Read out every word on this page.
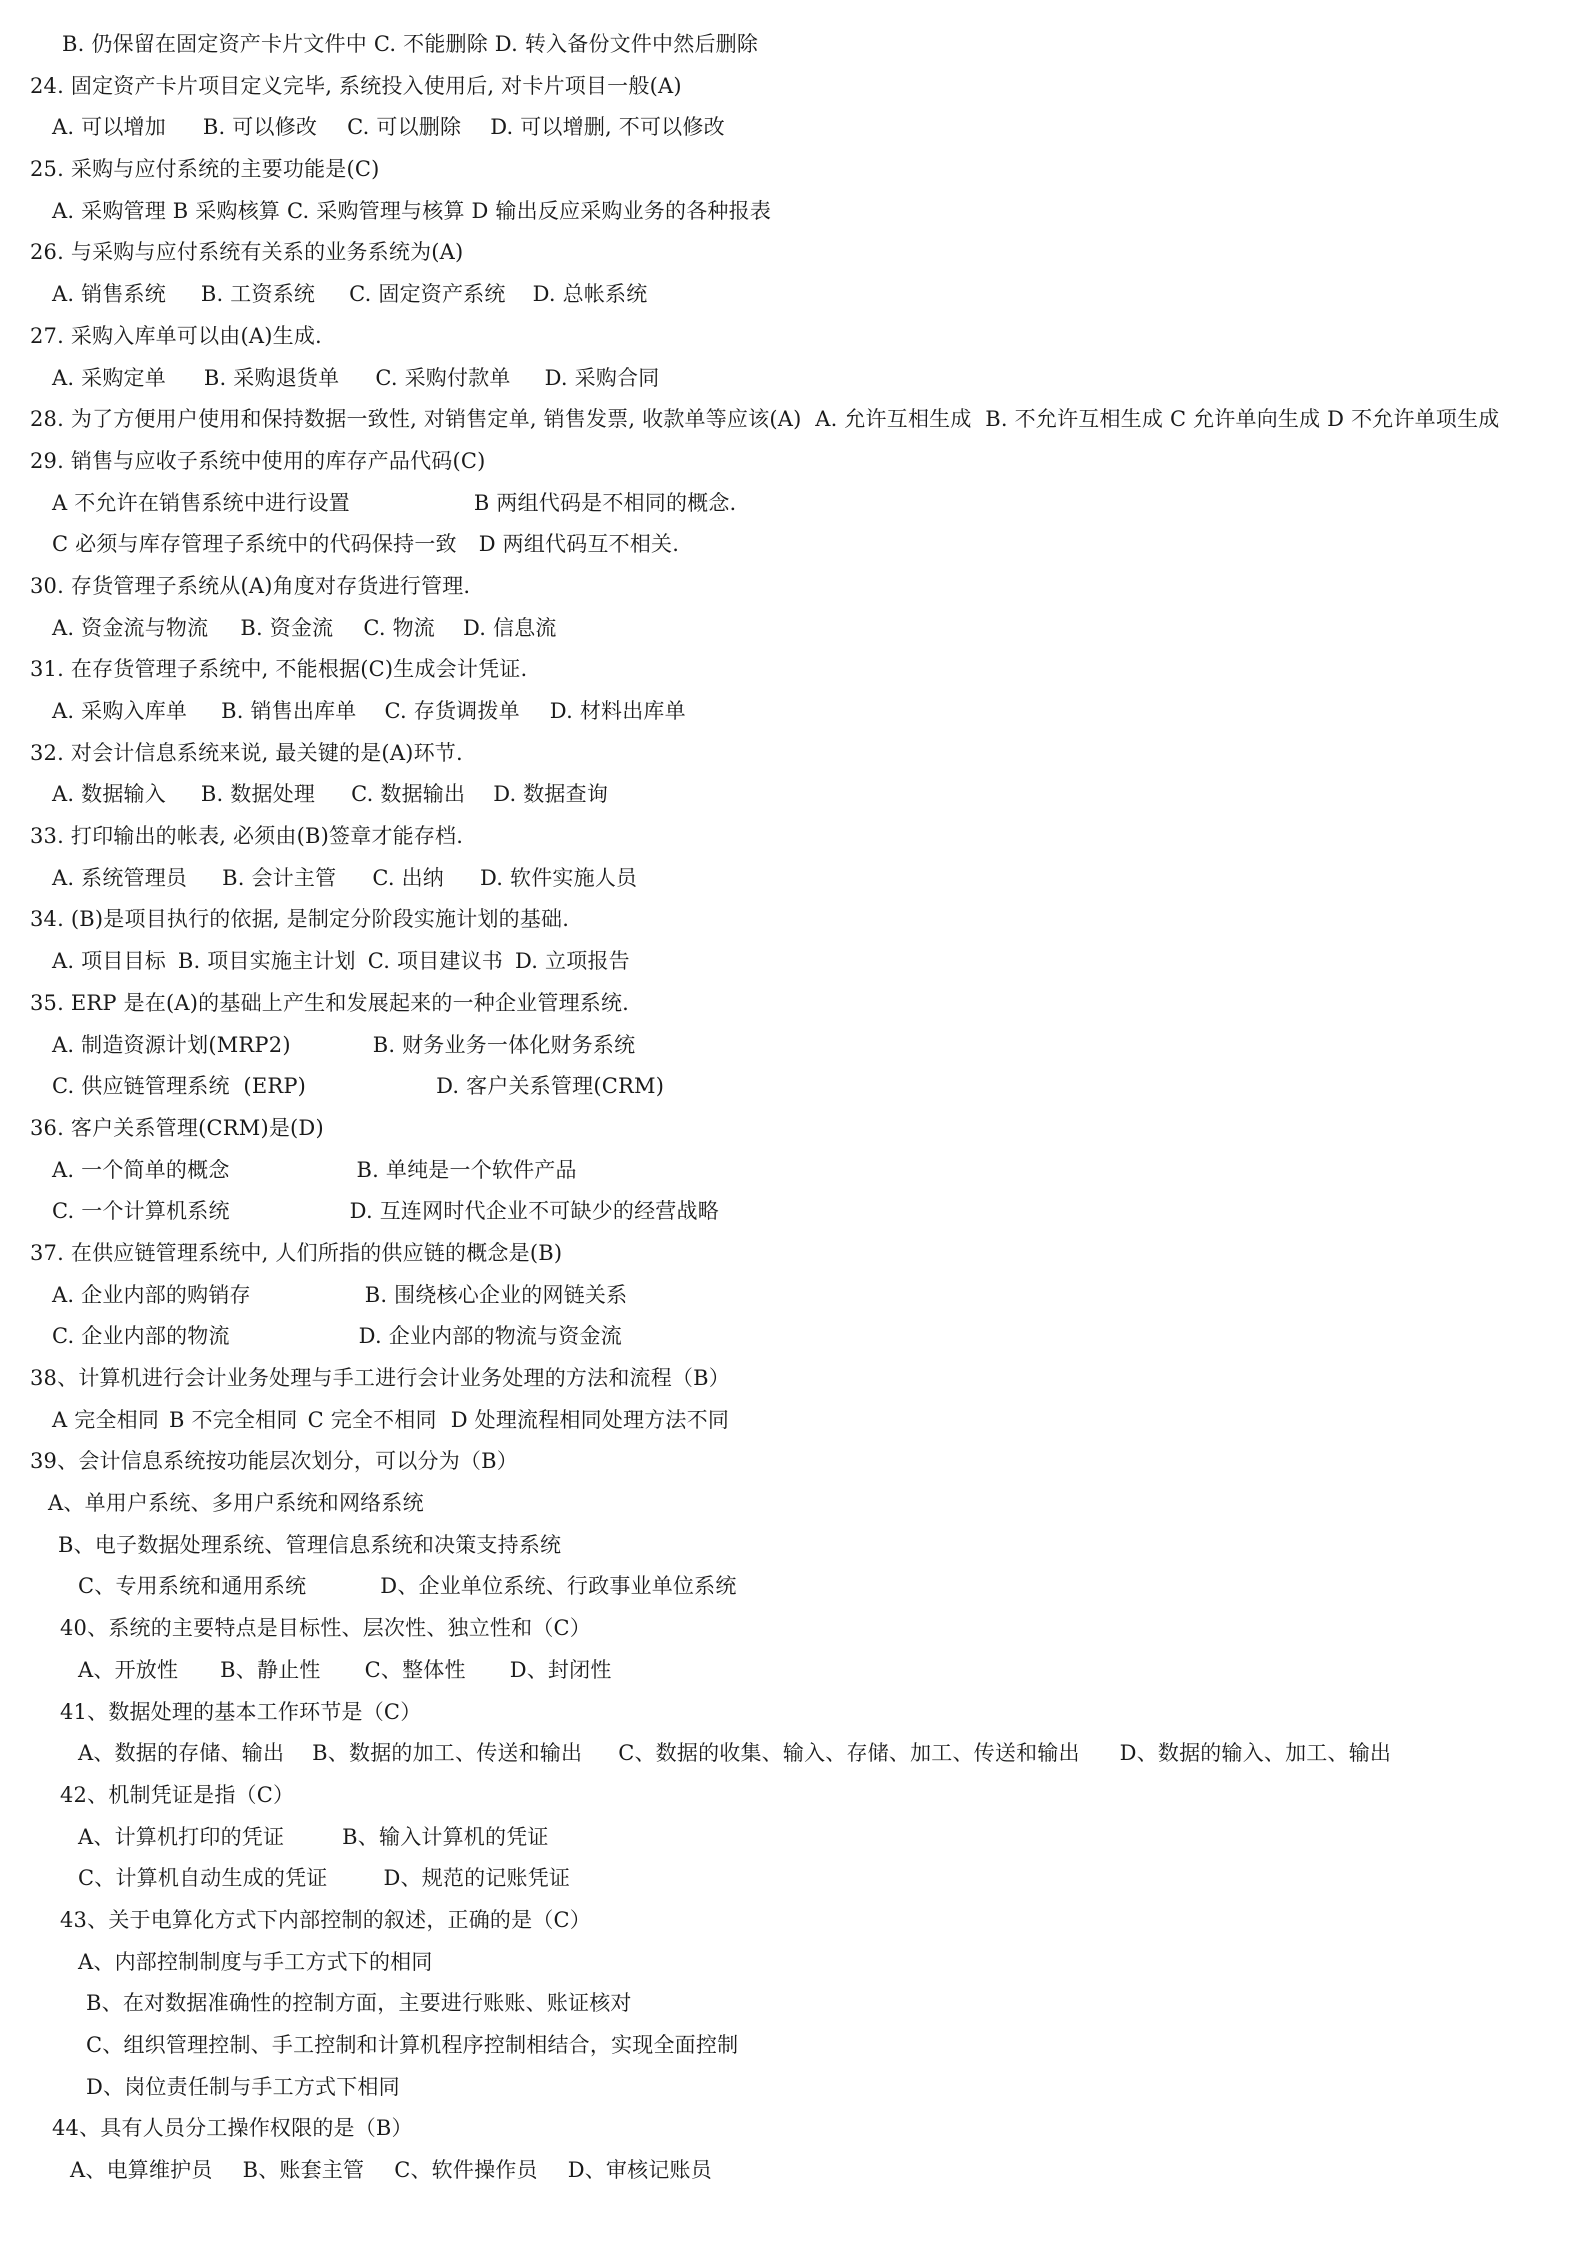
B. 仍保留在固定资产卡片文件中 C. 不能删除 D. 转入备份文件中然后删除
24. 固定资产卡片项目定义完毕, 系统投入使用后, 对卡片项目一般(A)
A. 可以增加 B. 可以修改 C. 可以删除 D. 可以增删, 不可以修改
25. 采购与应付系统的主要功能是(C)
A. 采购管理 B 采购核算 C. 采购管理与核算 D 输出反应采购业务的各种报表
26. 与采购与应付系统有关系的业务系统为(A)
A. 销售系统 B. 工资系统 C. 固定资产系统 D. 总帐系统
27. 采购入库单可以由(A)生成.
A. 采购定单 B. 采购退货单 C. 采购付款单 D. 采购合同
28. 为了方便用户使用和保持数据一致性, 对销售定单, 销售发票, 收款单等应该(A)  A. 允许互相生成  B. 不允许互相生成 C 允许单向生成 D 不允许单项生成
29. 销售与应收子系统中使用的库存产品代码(C)
A 不允许在销售系统中进行设置	B 两组代码是不相同的概念.
C 必须与库存管理子系统中的代码保持一致 D 两组代码互不相关.
30. 存货管理子系统从(A)角度对存货进行管理.
A. 资金流与物流 B. 资金流 C. 物流 D. 信息流
31. 在存货管理子系统中, 不能根据(C)生成会计凭证.
A. 采购入库单 B. 销售出库单 C. 存货调拨单 D. 材料出库单
32. 对会计信息系统来说, 最关键的是(A)环节.
A. 数据输入 B. 数据处理 C. 数据输出 D. 数据查询
33. 打印输出的帐表, 必须由(B)签章才能存档.
A. 系统管理员 B. 会计主管 C. 出纳 D. 软件实施人员
34. (B)是项目执行的依据, 是制定分阶段实施计划的基础.
A. 项目目标 B. 项目实施主计划 C. 项目建议书 D. 立项报告
35. ERP 是在(A)的基础上产生和发展起来的一种企业管理系统.
A. 制造资源计划(MRP2)	B. 财务业务一体化财务系统
C. 供应链管理系统  (ERP)	D. 客户关系管理(CRM)
36. 客户关系管理(CRM)是(D)
A. 一个简单的概念	B. 单纯是一个软件产品
C. 一个计算机系统	D. 互连网时代企业不可缺少的经营战略
37. 在供应链管理系统中, 人们所指的供应链的概念是(B)
A. 企业内部的购销存	B. 围绕核心企业的网链关系
C. 企业内部的物流	D. 企业内部的物流与资金流
38、计算机进行会计业务处理与手工进行会计业务处理的方法和流程（B）
A 完全相同 B 不完全相同 C 完全不相同 D 处理流程相同处理方法不同
39、会计信息系统按功能层次划分，可以分为（B）
A、单用户系统、多用户系统和网络系统
B、电子数据处理系统、管理信息系统和决策支持系统
C、专用系统和通用系统	D、企业单位系统、行政事业单位系统
40、系统的主要特点是目标性、层次性、独立性和（C）
A、开放性 B、静止性 C、整体性 D、封闭性
41、数据处理的基本工作环节是（C）
A、数据的存储、输出 B、数据的加工、传送和输出 C、数据的收集、输入、存储、加工、传送和输出 D、数据的输入、加工、输出
42、机制凭证是指（C）
A、计算机打印的凭证	B、输入计算机的凭证
C、计算机自动生成的凭证	D、规范的记账凭证
43、关于电算化方式下内部控制的叙述，正确的是（C）
A、内部控制制度与手工方式下的相同
B、在对数据准确性的控制方面，主要进行账账、账证核对
C、组织管理控制、手工控制和计算机程序控制相结合，实现全面控制
D、岗位责任制与手工方式下相同
44、具有人员分工操作权限的是（B）
A、电算维护员 B、账套主管 C、软件操作员 D、审核记账员
